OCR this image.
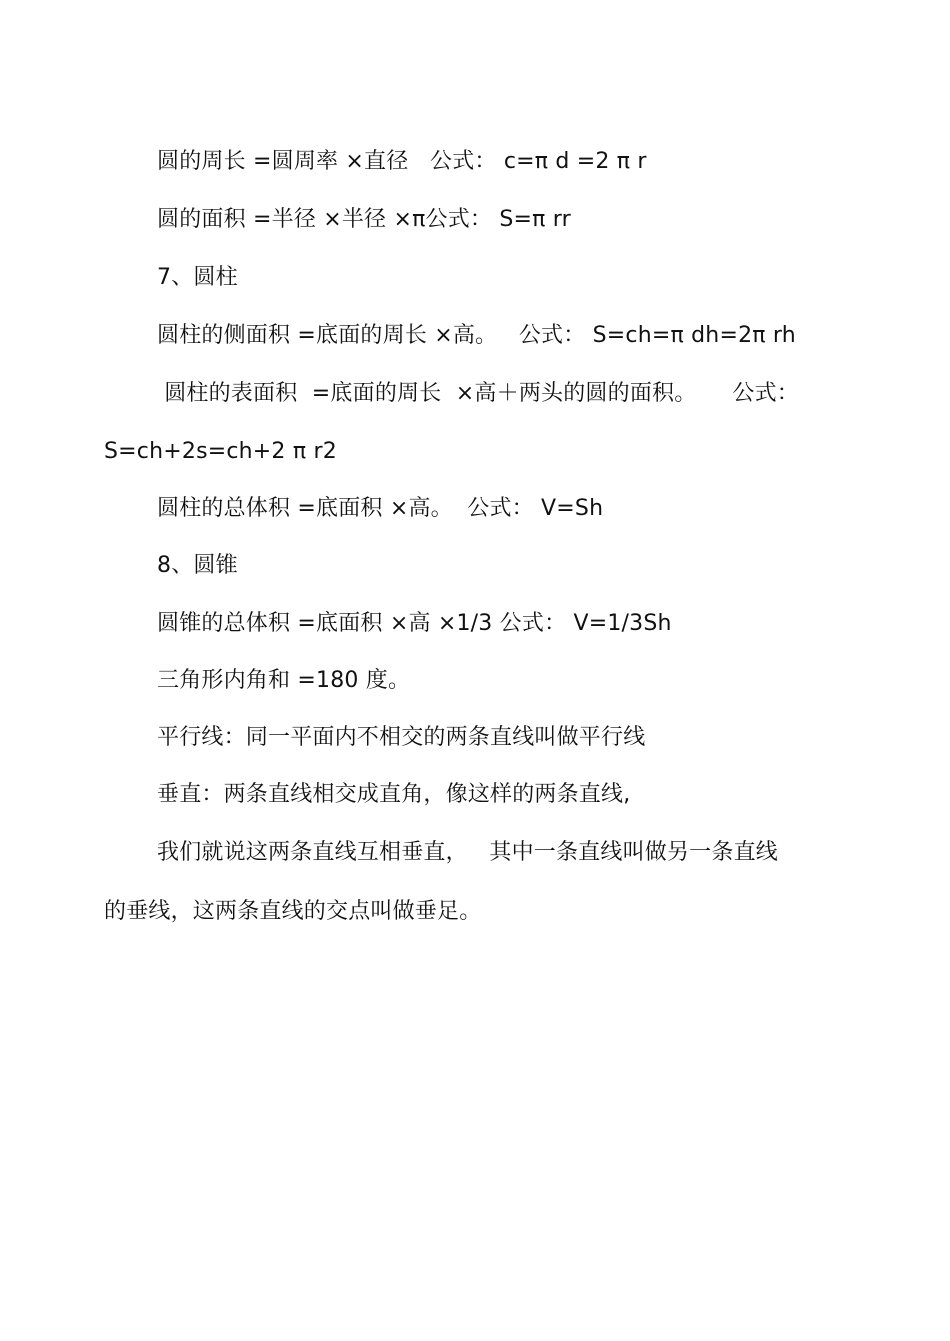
圆的周长 =圆周率 ×直径   公式： c=π d =2 π r
圆的面积 =半径 ×半径 ×π公式： S=π rr
7、圆柱
圆柱的侧面积 =底面的周长 ×高。   公式： S=ch=π dh=2π rh
圆柱的表面积  =底面的周长  ×高＋两头的圆的面积。     公式：
S=ch+2s=ch+2 π r2
圆柱的总体积 =底面积 ×高。  公式： V=Sh
8、圆锥
圆锥的总体积 =底面积 ×高 ×1/3 公式： V=1/3Sh
三角形内角和 =180 度。
平行线：同一平面内不相交的两条直线叫做平行线
垂直：两条直线相交成直角，像这样的两条直线,
我们就说这两条直线互相垂直，   其中一条直线叫做另一条直线
的垂线，这两条直线的交点叫做垂足。
